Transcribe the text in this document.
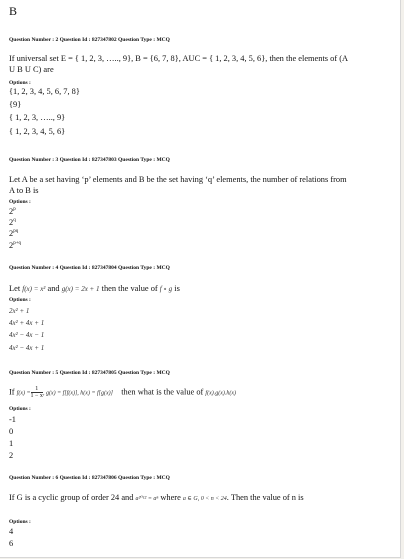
B
Question Number : 2 Question Id : 827347802 Question Type : MCQ
If universal set E = { 1, 2, 3, ….., 9}, B = {6, 7, 8}, AUC = { 1, 2, 3, 4, 5, 6}, then the elements of (A U B U C) are
Options :
{1, 2, 3, 4, 5, 6, 7, 8}
{9}
{ 1, 2, 3, ….., 9}
{ 1, 2, 3, 4, 5, 6}
Question Number : 3 Question Id : 827347803 Question Type : MCQ
Let A be a set having ‘p’ elements and B be the set having ‘q’ elements, the number of relations from A to B is
Options :
2$^p$
2$^q$
$2^{pq}$
$2^{p+q}$
Question Number : 4 Question Id : 827347804 Question Type : MCQ
Let f(x) = x² and g(x) = 2x + 1 then the value of f ∘ g is
Options :
2x² + 1
4x² + 4x + 1
4x² − 4x − 1
4x² − 4x + 1
Question Number : 5 Question Id : 827347805 Question Type : MCQ
If $f(x) = \frac{1}{1 - x}$ , g(x) = f[f(x)], h(x) = f[g(x)] then what is the value of f(x).g(x).h(x)
Options :
-1
0
1
2
Question Number : 6 Question Id : 827347806 Question Type : MCQ
If G is a cyclic group of order 24 and a²⁰¹² = aⁿ where a ∈ G, 0 < n < 24. Then the value of n is
Options :
4
6
